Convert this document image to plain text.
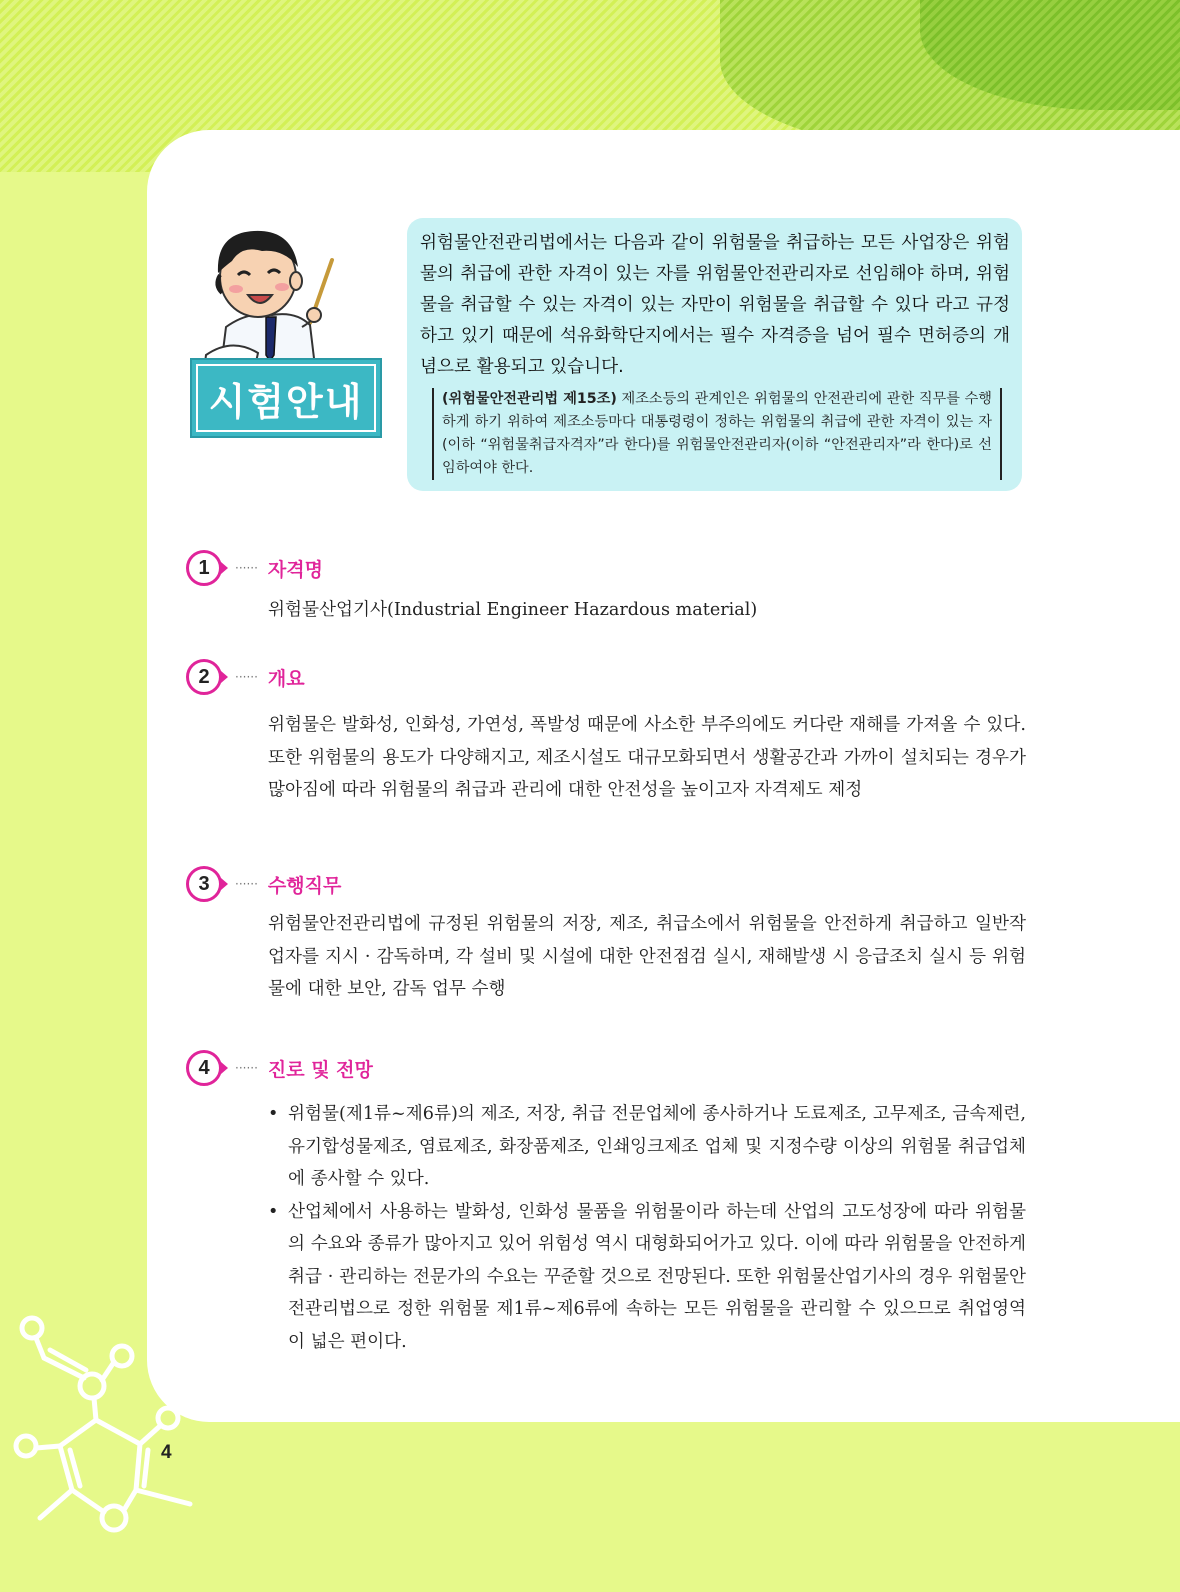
4
시험안내
위험물안전관리법에서는 다음과 같이 위험물을 취급하는 모든 사업장은 위험물의 취급에 관한 자격이 있는 자를 위험물안전관리자로 선임해야 하며, 위험물을 취급할 수 있는 자격이 있는 자만이 위험물을 취급할 수 있다 라고 규정하고 있기 때문에 석유화학단지에서는 필수 자격증을 넘어 필수 면허증의 개념으로 활용되고 있습니다.
(위험물안전관리법 제15조) 제조소등의 관계인은 위험물의 안전관리에 관한 직무를 수행하게 하기 위하여 제조소등마다 대통령령이 정하는 위험물의 취급에 관한 자격이 있는 자(이하 “위험물취급자격자”라 한다)를 위험물안전관리자(이하 “안전관리자”라 한다)로 선임하여야 한다.
1	······ 자격명
위험물산업기사(Industrial Engineer Hazardous material)
2	······ 개요
위험물은 발화성, 인화성, 가연성, 폭발성 때문에 사소한 부주의에도 커다란 재해를 가져올 수 있다. 또한 위험물의 용도가 다양해지고, 제조시설도 대규모화되면서 생활공간과 가까이 설치되는 경우가 많아짐에 따라 위험물의 취급과 관리에 대한 안전성을 높이고자 자격제도 제정
3	······ 수행직무
위험물안전관리법에 규정된 위험물의 저장, 제조, 취급소에서 위험물을 안전하게 취급하고 일반작업자를 지시 · 감독하며, 각 설비 및 시설에 대한 안전점검 실시, 재해발생 시 응급조치 실시 등 위험물에 대한 보안, 감독 업무 수행
4	······ 진로 및 전망
• 위험물(제1류~제6류)의 제조, 저장, 취급 전문업체에 종사하거나 도료제조, 고무제조, 금속제련, 유기합성물제조, 염료제조, 화장품제조, 인쇄잉크제조 업체 및 지정수량 이상의 위험물 취급업체에 종사할 수 있다.
• 산업체에서 사용하는 발화성, 인화성 물품을 위험물이라 하는데 산업의 고도성장에 따라 위험물의 수요와 종류가 많아지고 있어 위험성 역시 대형화되어가고 있다. 이에 따라 위험물을 안전하게 취급 · 관리하는 전문가의 수요는 꾸준할 것으로 전망된다. 또한 위험물산업기사의 경우 위험물안전관리법으로 정한 위험물 제1류~제6류에 속하는 모든 위험물을 관리할 수 있으므로 취업영역이 넓은 편이다.
